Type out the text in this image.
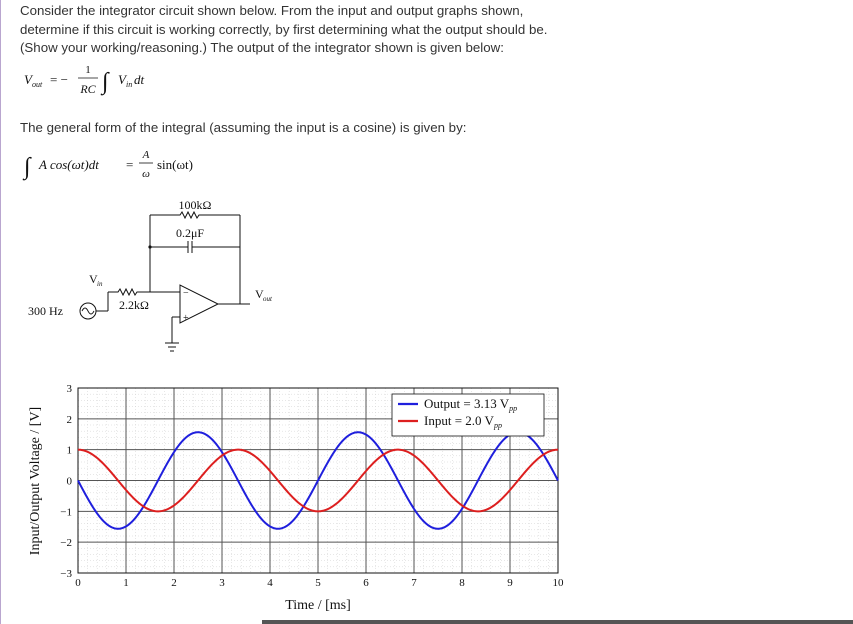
Consider the integrator circuit shown below. From the input and output graphs shown, determine if this circuit is working correctly, by first determining what the output should be. (Show your working/reasoning.) The output of the integrator shown is given below:
V out = −
1
RC ∫ V in dt
The general form of the integral (assuming the input is a cosine) is given by:
∫ A cos(ωt)dt =
A
ω
sin(ωt)
100kΩ
0.2μF
2.2kΩ
300 Hz
V in
V out
−
+
0	1	2	3	4	5	6	7	8	9	10
3
2
1
0
−1
−2
−3
Output = 3.13 $V_{pp}$
Input = 2.0 $V_{pp}$
Time / [ms]
Input/Output Voltage / [V]
